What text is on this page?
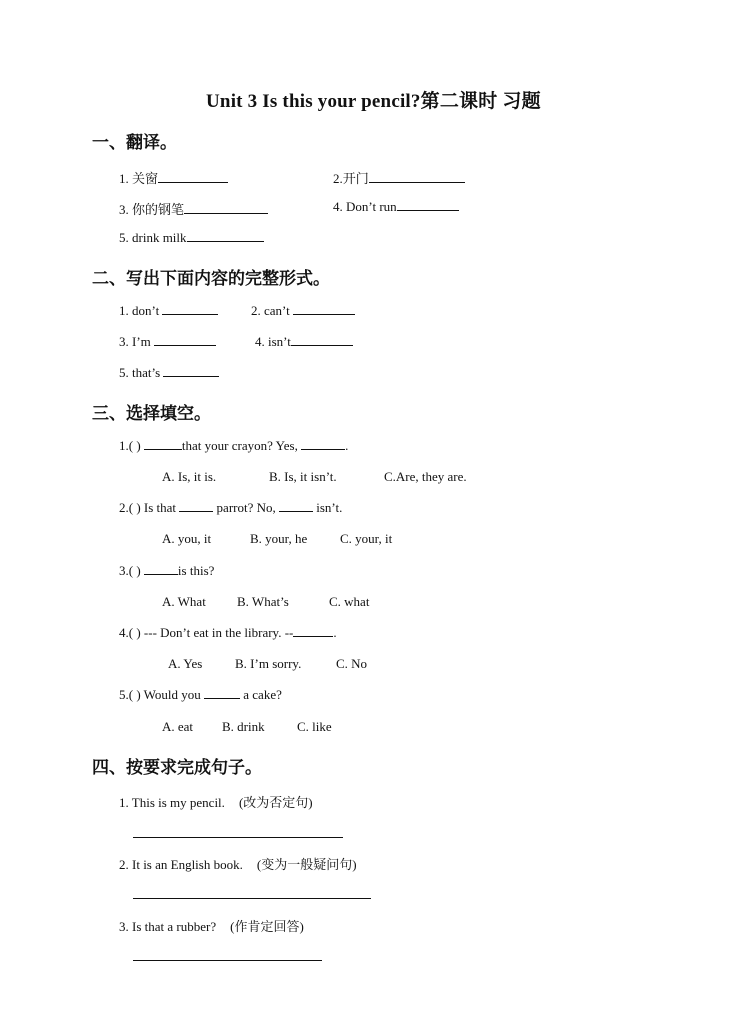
Unit 3 Is this your pencil?第二课时 习题
一、翻译。
1. 关窗	2.开门
3. 你的钢笔	4. Don’t run
5. drink milk
二、写出下面内容的完整形式。
1. don’t	2. can’t
3. I’m	4. isn’t
5. that’s
三、选择填空。
1.( )	that your crayon? Yes,	.
A. Is, it is.	B. Is, it isn’t.	C.Are, they are.
2.( ) Is that	parrot? No,	isn’t.
A. you, it	B. your, he	C. your, it
3.( )	is this?
A. What B. What’s	C. what
4.( ) --- Don’t eat in the library. --	.
A. Yes	B. I’m sorry.	C. No
5.( ) Would you	a cake?
A. eat B. drink C. like
四、按要求完成句子。
1. This is my pencil. (改为否定句)
2. It is an English book. (变为一般疑问句)
3. Is that a rubber? (作肯定回答)
